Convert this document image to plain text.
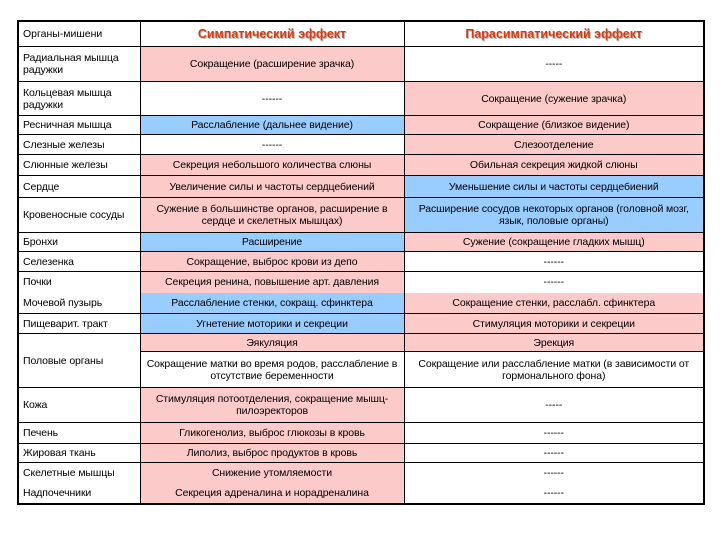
Органы-мишени	Симпатический эффект	Парасимпатический эффект
Радиальная мышца радужки	Сокращение (расширение зрачка)	-----
Кольцевая мышца радужки	------	Сокращение (сужение зрачка)
Ресничная мышца	Расслабление (дальнее видение)	Сокращение (близкое видение)
Слезные железы	------	Слезоотделение
Слюнные железы	Секреция небольшого количества слюны	Обильная секреция жидкой слюны
Сердце	Увеличение силы и частоты сердцебиений	Уменьшение силы и частоты сердцебиений
Кровеносные сосуды	Сужение в большинстве органов, расширение в сердце и скелетных мышцах)	Расширение сосудов некоторых органов (головной мозг, язык, половые органы)
Бронхи	Расширение	Сужение (сокращение гладких мышц)
Селезенка	Сокращение, выброс крови из депо	------
Почки	Секреция ренина, повышение арт. давления	------
Мочевой пузырь	Расслабление стенки, сокращ. сфинктера	Сокращение стенки, расслабл. сфинктера
Пищеварит. тракт	Угнетение моторики и секреции	Стимуляция моторики и секреции
Половые органы	Эякуляция	Эрекция
	Сокращение матки во время родов, расслабление в отсутствие беременности	Сокращение или расслабление матки (в зависимости от гормонального фона)
Кожа	Стимуляция потоотделения, сокращение мышц-пилоэректоров	-----
Печень	Гликогенолиз, выброс глюкозы в кровь	------
Жировая ткань	Липолиз, выброс продуктов в кровь	------
Скелетные мышцы	Снижение утомляемости	------
Надпочечники	Секреция адреналина и норадреналина	------
